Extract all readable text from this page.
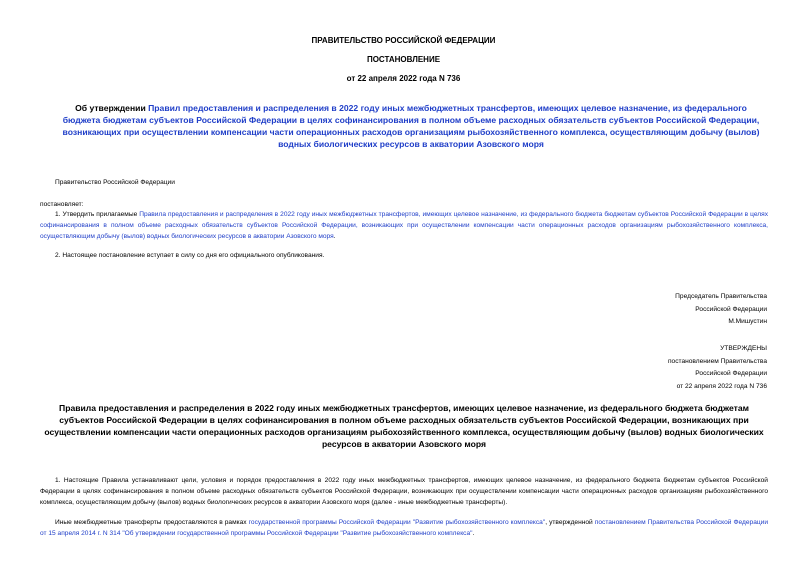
ПРАВИТЕЛЬСТВО РОССИЙСКОЙ ФЕДЕРАЦИИ
ПОСТАНОВЛЕНИЕ
от 22 апреля 2022 года N 736
Об утверждении Правил предоставления и распределения в 2022 году иных межбюджетных трансфертов, имеющих целевое назначение, из федерального бюджета бюджетам субъектов Российской Федерации в целях софинансирования в полном объеме расходных обязательств субъектов Российской Федерации, возникающих при осуществлении компенсации части операционных расходов организациям рыбохозяйственного комплекса, осуществляющим добычу (вылов) водных биологических ресурсов в акватории Азовского моря
Правительство Российской Федерации
постановляет:
1. Утвердить прилагаемые Правила предоставления и распределения в 2022 году иных межбюджетных трансфертов, имеющих целевое назначение, из федерального бюджета бюджетам субъектов Российской Федерации в целях софинансирования в полном объеме расходных обязательств субъектов Российской Федерации, возникающих при осуществлении компенсации части операционных расходов организациям рыбохозяйственного комплекса, осуществляющим добычу (вылов) водных биологических ресурсов в акватории Азовского моря.
2. Настоящее постановление вступает в силу со дня его официального опубликования.
Председатель Правительства
Российской Федерации
М.Мишустин
УТВЕРЖДЕНЫ
постановлением Правительства
Российской Федерации
от 22 апреля 2022 года N 736
Правила предоставления и распределения в 2022 году иных межбюджетных трансфертов, имеющих целевое назначение, из федерального бюджета бюджетам субъектов Российской Федерации в целях софинансирования в полном объеме расходных обязательств субъектов Российской Федерации, возникающих при осуществлении компенсации части операционных расходов организациям рыбохозяйственного комплекса, осуществляющим добычу (вылов) водных биологических ресурсов в акватории Азовского моря
1. Настоящие Правила устанавливают цели, условия и порядок предоставления в 2022 году иных межбюджетных трансфертов, имеющих целевое назначение, из федерального бюджета бюджетам субъектов Российской Федерации в целях софинансирования в полном объеме расходных обязательств субъектов Российской Федерации, возникающих при осуществлении компенсации части операционных расходов организациям рыбохозяйственного комплекса, осуществляющим добычу (вылов) водных биологических ресурсов в акватории Азовского моря (далее - иные межбюджетные трансферты).
Иные межбюджетные трансферты предоставляются в рамках государственной программы Российской Федерации "Развитие рыбохозяйственного комплекса", утвержденной постановлением Правительства Российской Федерации от 15 апреля 2014 г. N 314 "Об утверждении государственной программы Российской Федерации "Развитие рыбохозяйственного комплекса".
